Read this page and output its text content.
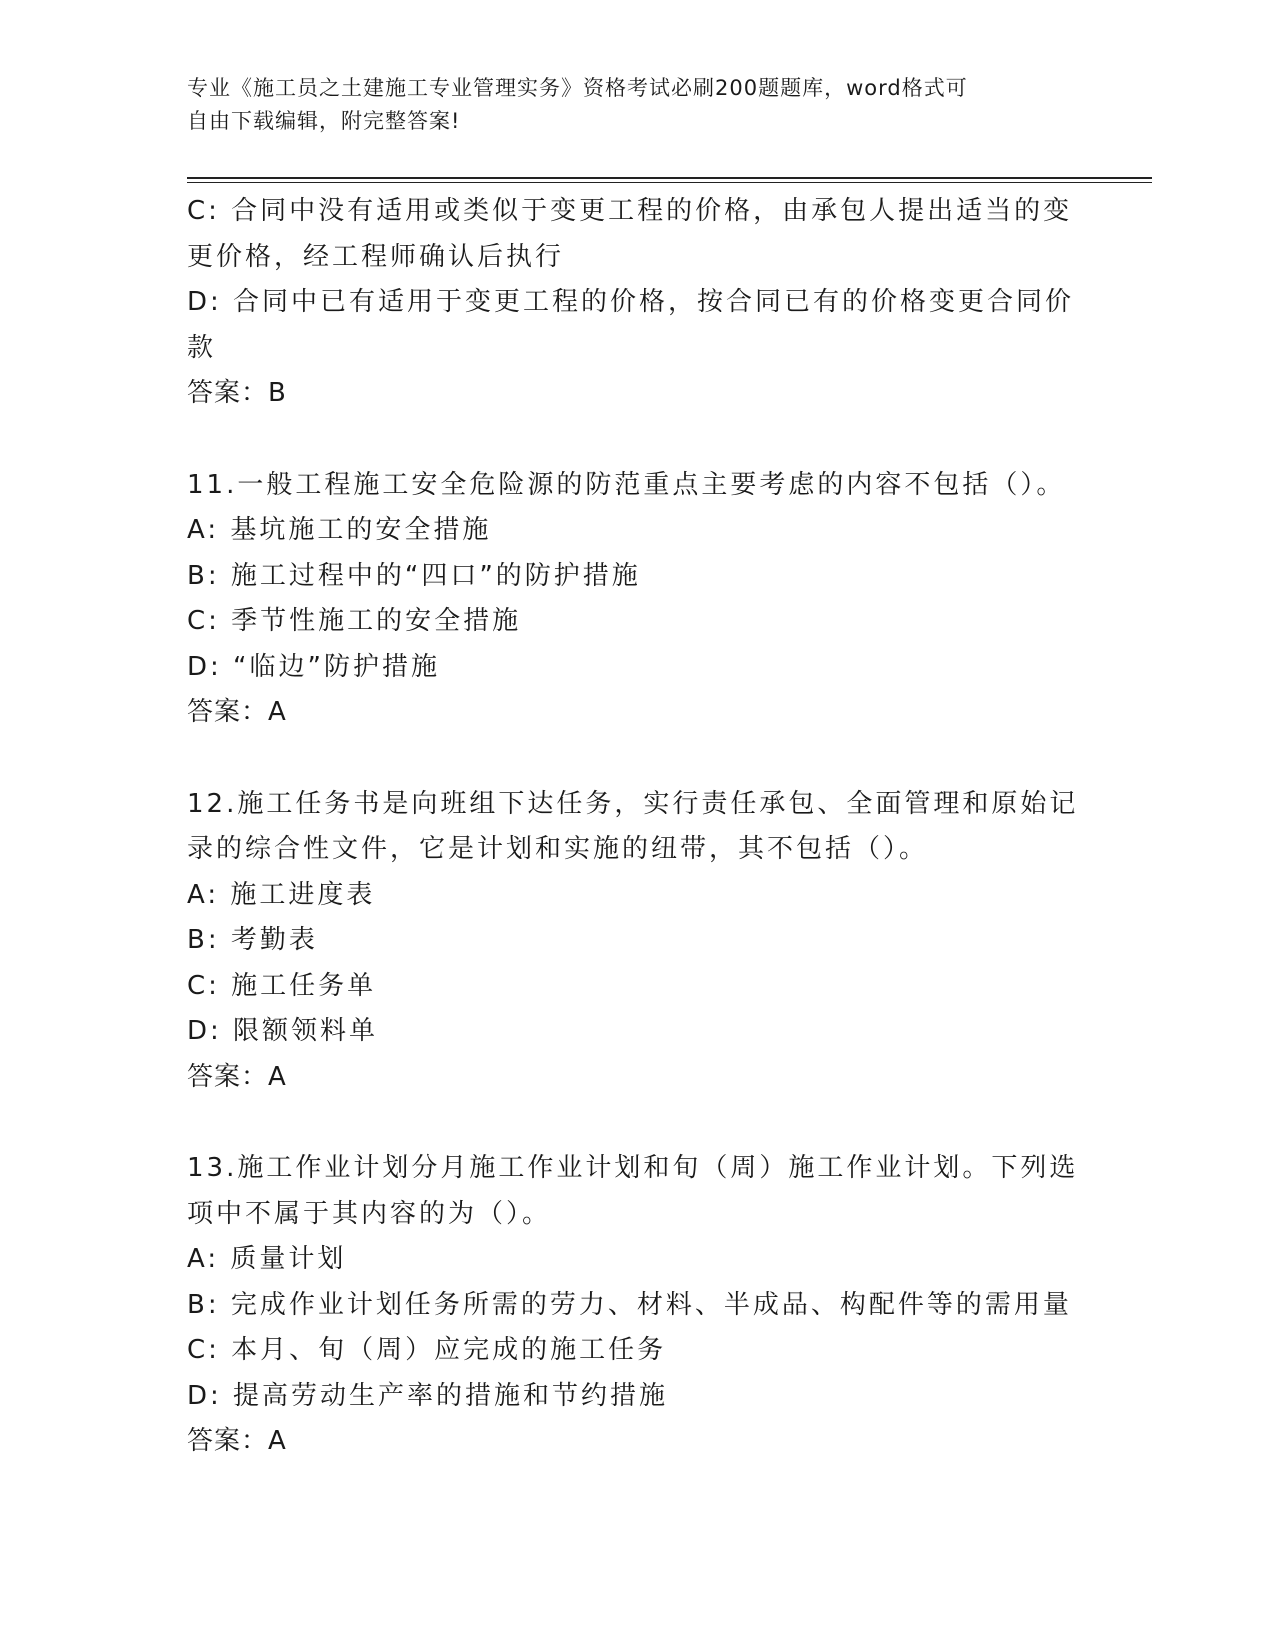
专业《施工员之土建施工专业管理实务》资格考试必刷200题题库，word格式可
自由下载编辑，附完整答案!
C: 合同中没有适用或类似于变更工程的价格，由承包人提出适当的变
更价格，经工程师确认后执行
D: 合同中已有适用于变更工程的价格，按合同已有的价格变更合同价
款
答案：B
11.一般工程施工安全危险源的防范重点主要考虑的内容不包括（）。
A: 基坑施工的安全措施
B: 施工过程中的“四口”的防护措施
C: 季节性施工的安全措施
D: “临边”防护措施
答案：A
12.施工任务书是向班组下达任务，实行责任承包、全面管理和原始记
录的综合性文件，它是计划和实施的纽带，其不包括（）。
A: 施工进度表
B: 考勤表
C: 施工任务单
D: 限额领料单
答案：A
13.施工作业计划分月施工作业计划和旬（周）施工作业计划。下列选
项中不属于其内容的为（）。
A: 质量计划
B: 完成作业计划任务所需的劳力、材料、半成品、构配件等的需用量
C: 本月、旬（周）应完成的施工任务
D: 提高劳动生产率的措施和节约措施
答案：A
